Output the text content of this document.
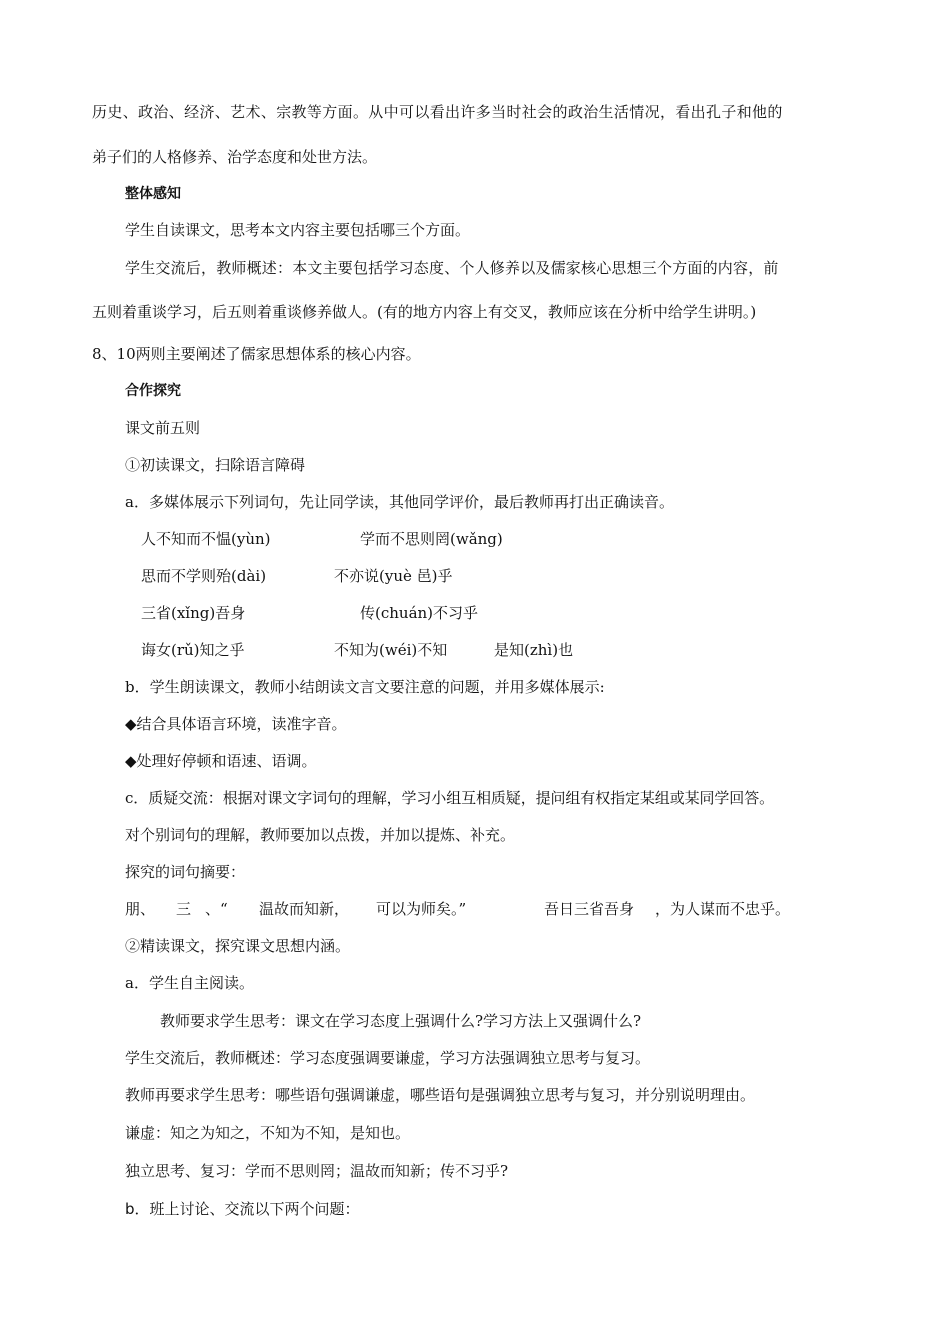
历史、政治、经济、艺术、宗教等方面。从中可以看出许多当时社会的政治生活情况，看出孔子和他的
弟子们的人格修养、治学态度和处世方法。
整体感知
学生自读课文，思考本文内容主要包括哪三个方面。
学生交流后，教师概述：本文主要包括学习态度、个人修养以及儒家核心思想三个方面的内容，前
五则着重谈学习，后五则着重谈修养做人。(有的地方内容上有交叉，教师应该在分析中给学生讲明。)
8、10两则主要阐述了儒家思想体系的核心内容。
合作探究
课文前五则
①初读课文，扫除语言障碍
a．多媒体展示下列词句，先让同学读，其他同学评价，最后教师再打出正确读音。
人不知而不愠(yùn)	学而不思则罔(wǎng)
思而不学则殆(dài)	不亦说(yuè 邑)乎
三省(xǐng)吾身	传(chuán)不习乎
诲女(rǔ)知之乎	不知为(wéi)不知	是知(zhì)也
b．学生朗读课文，教师小结朗读文言文要注意的问题，并用多媒体展示:
◆结合具体语言环境，读准字音。
◆处理好停顿和语速、语调。
c．质疑交流：根据对课文字词句的理解，学习小组互相质疑，提问组有权指定某组或某同学回答。
对个别词句的理解，教师要加以点拨，并加以提炼、补充。
探究的词句摘要：
朋、 三 、“ 温故而知新， 可以为师矣。”	吾日三省吾身 ，为人谋而不忠乎。
②精读课文，探究课文思想内涵。
a．学生自主阅读。
教师要求学生思考：课文在学习态度上强调什么?学习方法上又强调什么?
学生交流后，教师概述：学习态度强调要谦虚，学习方法强调独立思考与复习。
教师再要求学生思考：哪些语句强调谦虚，哪些语句是强调独立思考与复习，并分别说明理由。
谦虚：知之为知之，不知为不知，是知也。
独立思考、复习：学而不思则罔；温故而知新；传不习乎?
b．班上讨论、交流以下两个问题：
